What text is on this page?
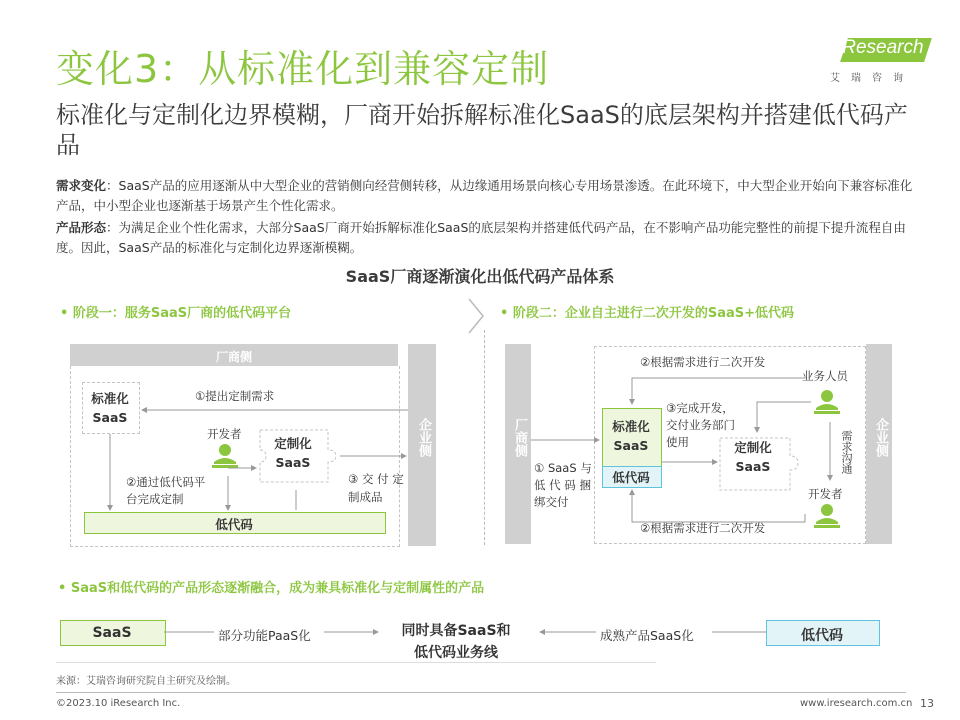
变化3：从标准化到兼容定制	iResearch
艾瑞咨询
标准化与定制化边界模糊，厂商开始拆解标准化SaaS的底层架构并搭建低代码产品
需求变化：SaaS产品的应用逐渐从中大型企业的营销侧向经营侧转移，从边缘通用场景向核心专用场景渗透。在此环境下，中大型企业开始向下兼容标准化产品，中小型企业也逐渐基于场景产生个性化需求。
产品形态：为满足企业个性化需求，大部分SaaS厂商开始拆解标准化SaaS的底层架构并搭建低代码产品，在不影响产品功能完整性的前提下提升流程自由度。因此，SaaS产品的标准化与定制化边界逐渐模糊。
SaaS厂商逐渐演化出低代码产品体系
• 阶段一：服务SaaS厂商的低代码平台	• 阶段二：企业自主进行二次开发的SaaS+低代码
厂商侧
标准化
SaaS
①提出定制需求
开发者
定制化
SaaS
②通过低代码平
台完成定制
③ 交 付 定
制成品
低代码
企业侧	厂商侧
① SaaS 与
低 代 码 捆
绑交付
②根据需求进行二次开发
标准化
SaaS
低代码
③完成开发，
交付业务部门
使用	定制化
SaaS
业务人员
需求沟通
开发者
②根据需求进行二次开发
企业侧
• SaaS和低代码的产品形态逐渐融合，成为兼具标准化与定制属性的产品
SaaS	部分功能PaaS化	同时具备SaaS和
低代码业务线
成熟产品SaaS化	低代码
来源：艾瑞咨询研究院自主研究及绘制。
©2023.10 iResearch Inc.	www.iresearch.com.cn 13
